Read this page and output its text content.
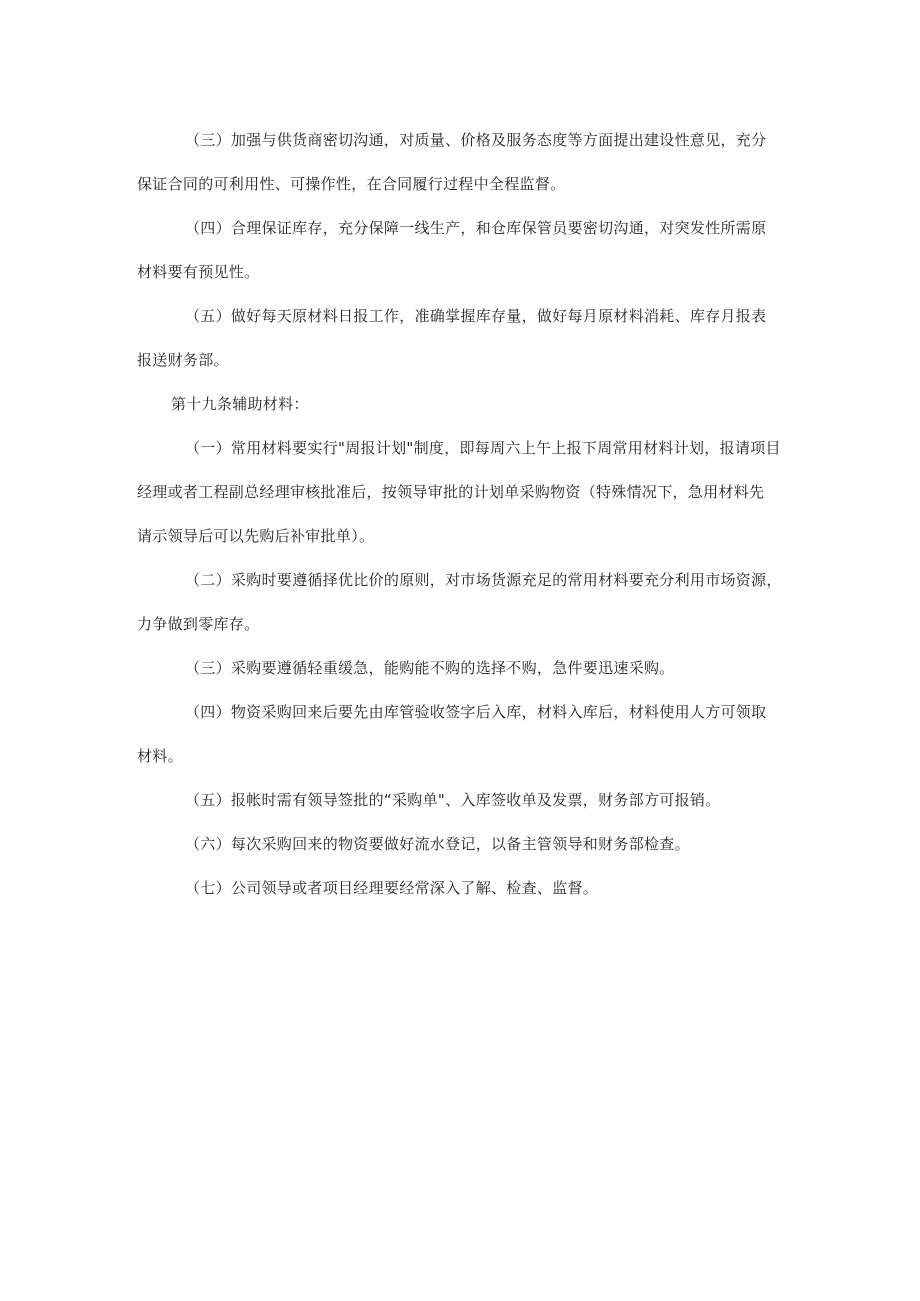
（三）加强与供货商密切沟通，对质量、价格及服务态度等方面提出建设性意见，充分
保证合同的可利用性、可操作性，在合同履行过程中全程监督。

（四）合理保证库存，充分保障一线生产，和仓库保管员要密切沟通，对突发性所需原
材料要有预见性。

（五）做好每天原材料日报工作，准确掌握库存量，做好每月原材料消耗、库存月报表
报送财务部。

第十九条辅助材料：

（一）常用材料要实行"周报计划"制度，即每周六上午上报下周常用材料计划，报请项目
经理或者工程副总经理审核批准后，按领导审批的计划单采购物资（特殊情况下，急用材料先
请示领导后可以先购后补审批单）。

（二）采购时要遵循择优比价的原则，对市场货源充足的常用材料要充分利用市场资源，
力争做到零库存。

（三）采购要遵循轻重缓急，能购能不购的选择不购，急件要迅速采购。

（四）物资采购回来后要先由库管验收签字后入库，材料入库后，材料使用人方可领取
材料。

（五）报帐时需有领导签批的“采购单"、入库签收单及发票，财务部方可报销。

（六）每次采购回来的物资要做好流水登记，以备主管领导和财务部检查。

（七）公司领导或者项目经理要经常深入了解、检查、监督。
